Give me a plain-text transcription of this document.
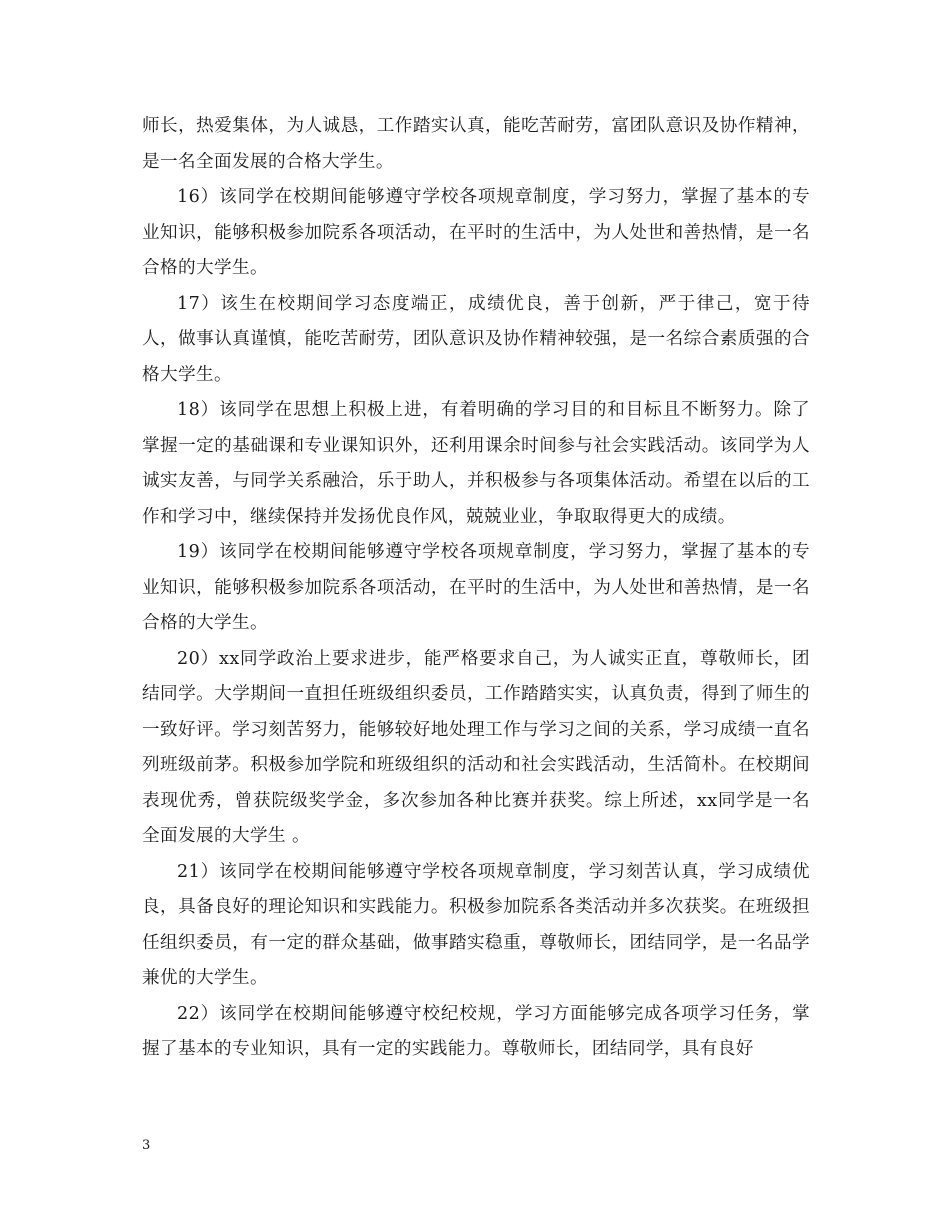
师长，热爱集体，为人诚恳，工作踏实认真，能吃苦耐劳，富团队意识及协作精神，是一名全面发展的合格大学生。

16）该同学在校期间能够遵守学校各项规章制度，学习努力，掌握了基本的专业知识，能够积极参加院系各项活动，在平时的生活中，为人处世和善热情，是一名合格的大学生。

17）该生在校期间学习态度端正，成绩优良，善于创新，严于律己，宽于待人，做事认真谨慎，能吃苦耐劳，团队意识及协作精神较强，是一名综合素质强的合格大学生。

18）该同学在思想上积极上进，有着明确的学习目的和目标且不断努力。除了掌握一定的基础课和专业课知识外，还利用课余时间参与社会实践活动。该同学为人诚实友善，与同学关系融洽，乐于助人，并积极参与各项集体活动。希望在以后的工作和学习中，继续保持并发扬优良作风，兢兢业业，争取取得更大的成绩。

19）该同学在校期间能够遵守学校各项规章制度，学习努力，掌握了基本的专业知识，能够积极参加院系各项活动，在平时的生活中，为人处世和善热情，是一名合格的大学生。

20）xx同学政治上要求进步，能严格要求自己，为人诚实正直，尊敬师长，团结同学。大学期间一直担任班级组织委员，工作踏踏实实，认真负责，得到了师生的一致好评。学习刻苦努力，能够较好地处理工作与学习之间的关系，学习成绩一直名列班级前茅。积极参加学院和班级组织的活动和社会实践活动，生活简朴。在校期间表现优秀，曾获院级奖学金，多次参加各种比赛并获奖。综上所述，xx同学是一名全面发展的大学生 。

21）该同学在校期间能够遵守学校各项规章制度，学习刻苦认真，学习成绩优良，具备良好的理论知识和实践能力。积极参加院系各类活动并多次获奖。在班级担任组织委员，有一定的群众基础，做事踏实稳重，尊敬师长，团结同学，是一名品学兼优的大学生。

22）该同学在校期间能够遵守校纪校规，学习方面能够完成各项学习任务，掌握了基本的专业知识，具有一定的实践能力。尊敬师长，团结同学，具有良好

3
